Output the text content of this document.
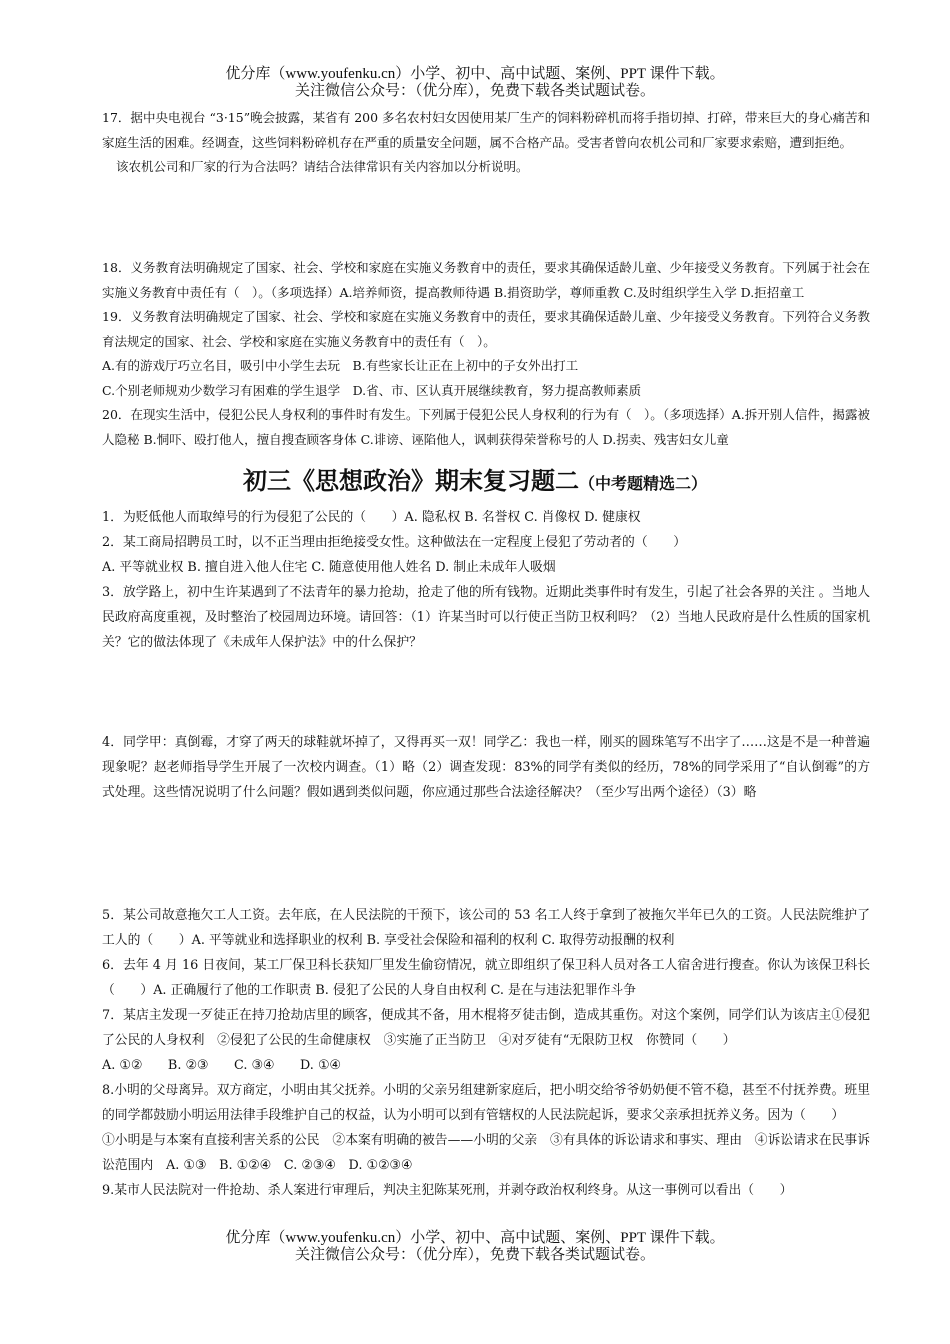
优分库（www.youfenku.cn）小学、初中、高中试题、案例、PPT 课件下载。

关注微信公众号：（优分库），免费下载各类试题试卷。

17．据中央电视台 “3·15”晚会披露，某省有 200 多名农村妇女因使用某厂生产的饲料粉碎机而将手指切掉、打碎，带来巨大的身心痛苦和家庭生活的困难。经调查，这些饲料粉碎机存在严重的质量安全问题，属不合格产品。受害者曾向农机公司和厂家要求索赔，遭到拒绝。

该农机公司和厂家的行为合法吗？请结合法律常识有关内容加以分析说明。

18．义务教育法明确规定了国家、社会、学校和家庭在实施义务教育中的责任，要求其确保适龄儿童、少年接受义务教育。下列属于社会在实施义务教育中责任有（　）。（多项选择）A.培养师资，提高教师待遇 B.捐资助学，尊师重教 C.及时组织学生入学 D.拒招童工

19．义务教育法明确规定了国家、社会、学校和家庭在实施义务教育中的责任，要求其确保适龄儿童、少年接受义务教育。下列符合义务教育法规定的国家、社会、学校和家庭在实施义务教育中的责任有（　）。

A.有的游戏厅巧立名目，吸引中小学生去玩　B.有些家长让正在上初中的子女外出打工

C.个别老师规劝少数学习有困难的学生退学　D.省、市、区认真开展继续教育，努力提高教师素质

20．在现实生活中，侵犯公民人身权利的事件时有发生。下列属于侵犯公民人身权利的行为有（　）。（多项选择）A.拆开别人信件，揭露被人隐秘 B.恫吓、殴打他人，擅自搜查顾客身体 C.诽谤、诬陷他人，讽刺获得荣誉称号的人 D.拐卖、残害妇女儿童

初三《思想政治》期末复习题二（中考题精选二）

1．为贬低他人而取绰号的行为侵犯了公民的（　　）A. 隐私权 B. 名誉权 C. 肖像权 D. 健康权

2．某工商局招聘员工时，以不正当理由拒绝接受女性。这种做法在一定程度上侵犯了劳动者的（　　）

A. 平等就业权 B. 擅自进入他人住宅 C. 随意使用他人姓名 D. 制止未成年人吸烟

3．放学路上，初中生许某遇到了不法青年的暴力抢劫，抢走了他的所有钱物。近期此类事件时有发生，引起了社会各界的关注 。当地人民政府高度重视，及时整治了校园周边环境。请回答：（1）许某当时可以行使正当防卫权利吗？（2）当地人民政府是什么性质的国家机关？它的做法体现了《未成年人保护法》中的什么保护？

4．同学甲：真倒霉，才穿了两天的球鞋就坏掉了，又得再买一双！同学乙：我也一样，刚买的圆珠笔写不出字了……这是不是一种普遍现象呢？赵老师指导学生开展了一次校内调查。（1）略（2）调查发现：83%的同学有类似的经历，78%的同学采用了“自认倒霉”的方式处理。这些情况说明了什么问题？假如遇到类似问题，你应通过那些合法途径解决？（至少写出两个途径）（3）略

5．某公司故意拖欠工人工资。去年底，在人民法院的干预下，该公司的 53 名工人终于拿到了被拖欠半年已久的工资。人民法院维护了工人的（　　）A. 平等就业和选择职业的权利 B. 享受社会保险和福利的权利 C. 取得劳动报酬的权利

6．去年 4 月 16 日夜间，某工厂保卫科长获知厂里发生偷窃情况，就立即组织了保卫科人员对各工人宿舍进行搜查。你认为该保卫科长（　　）A. 正确履行了他的工作职责 B. 侵犯了公民的人身自由权利 C. 是在与违法犯罪作斗争

7．某店主发现一歹徒正在持刀抢劫店里的顾客，便成其不备，用木棍将歹徒击倒，造成其重伤。对这个案例，同学们认为该店主①侵犯了公民的人身权利　②侵犯了公民的生命健康权　③实施了正当防卫　④对歹徒有“无限防卫权　你赞同（　　）

A. ①②　　B. ②③　　C. ③④　　D. ①④

8.小明的父母离异。双方商定，小明由其父抚养。小明的父亲另组建新家庭后，把小明交给爷爷奶奶便不管不稳，甚至不付抚养费。班里的同学都鼓励小明运用法律手段维护自己的权益，认为小明可以到有管辖权的人民法院起诉，要求父亲承担抚养义务。因为（　　）

①小明是与本案有直接利害关系的公民　②本案有明确的被告——小明的父亲　③有具体的诉讼请求和事实、理由　④诉讼请求在民事诉讼范围内　A. ①③　B. ①②④　C. ②③④　D. ①②③④

9.某市人民法院对一件抢劫、杀人案进行审理后，判决主犯陈某死刑，并剥夺政治权利终身。从这一事例可以看出（　　）

优分库（www.youfenku.cn）小学、初中、高中试题、案例、PPT 课件下载。

关注微信公众号：（优分库），免费下载各类试题试卷。
